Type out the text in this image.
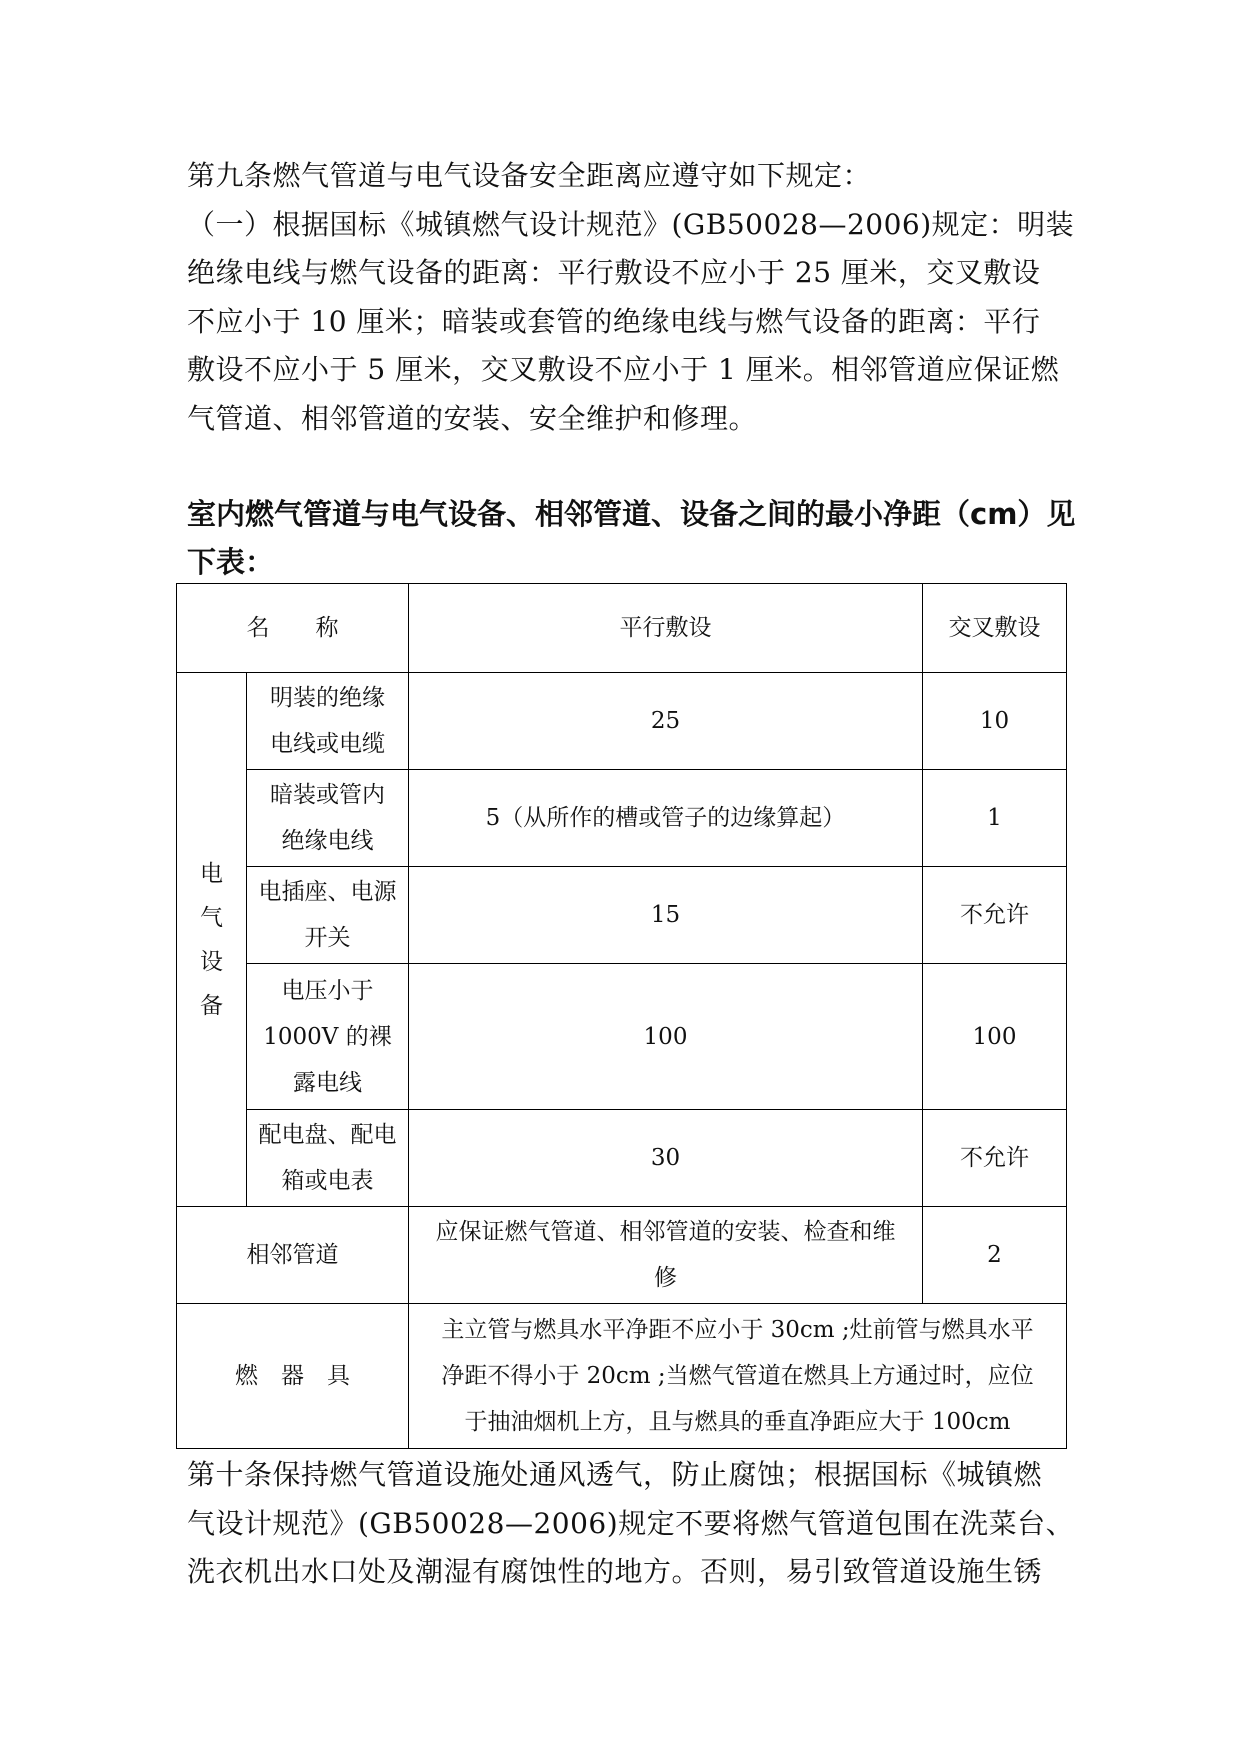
第九条燃气管道与电气设备安全距离应遵守如下规定：
（一）根据国标《城镇燃气设计规范》(GB50028—2006)规定：明装
绝缘电线与燃气设备的距离：平行敷设不应小于 25 厘米，交叉敷设
不应小于 10 厘米；暗装或套管的绝缘电线与燃气设备的距离：平行
敷设不应小于 5 厘米，交叉敷设不应小于 1 厘米。相邻管道应保证燃
气管道、相邻管道的安装、安全维护和修理。
室内燃气管道与电气设备、相邻管道、设备之间的最小净距（cm）见
下表：
名　　称		平行敷设	交叉敷设

电
气
设
备	明装的绝缘
电线或电缆	25	10

	暗装或管内
绝缘电线	5（从所作的槽或管子的边缘算起）	1

	电插座、电源
开关	15	不允许

	电压小于
1000V 的裸
露电线	100	100

	配电盘、配电
箱或电表	30	不允许
相邻管道		应保证燃气管道、相邻管道的安装、检查和维
修	2
燃　器　具		主立管与燃具水平净距不应小于 30cm ;灶前管与燃具水平
净距不得小于 20cm ;当燃气管道在燃具上方通过时，应位
于抽油烟机上方，且与燃具的垂直净距应大于 100cm	
第十条保持燃气管道设施处通风透气，防止腐蚀；根据国标《城镇燃
气设计规范》(GB50028—2006)规定不要将燃气管道包围在洗菜台、
洗衣机出水口处及潮湿有腐蚀性的地方。否则，易引致管道设施生锈
